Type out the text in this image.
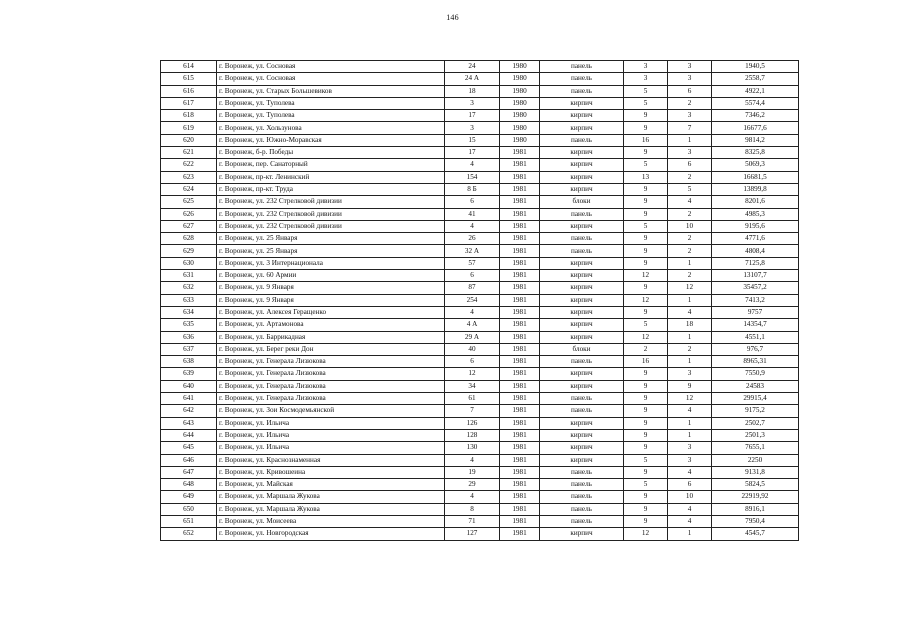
146
614	г. Воронеж, ул. Сосновая	24	1980	панель	3	3	1940,5
615	г. Воронеж, ул. Сосновая	24 А	1980	панель	3	3	2558,7
616	г. Воронеж, ул. Старых Большевиков	18	1980	панель	5	6	4922,1
617	г. Воронеж, ул. Туполева	3	1980	кирпич	5	2	5574,4
618	г. Воронеж, ул. Туполева	17	1980	кирпич	9	3	7346,2
619	г. Воронеж, ул. Хользунова	3	1980	кирпич	9	7	16677,6
620	г. Воронеж, ул. Южно-Моравская	15	1980	панель	16	1	9814,2
621	г. Воронеж, б-р. Победы	17	1981	кирпич	9	3	8325,8
622	г. Воронеж, пер. Санаторный	4	1981	кирпич	5	6	5069,3
623	г. Воронеж, пр-кт. Ленинский	154	1981	кирпич	13	2	16681,5
624	г. Воронеж, пр-кт. Труда	8 Б	1981	кирпич	9	5	13899,8
625	г. Воронеж, ул. 232 Стрелковой дивизии	6	1981	блоки	9	4	8201,6
626	г. Воронеж, ул. 232 Стрелковой дивизии	41	1981	панель	9	2	4985,3
627	г. Воронеж, ул. 232 Стрелковой дивизии	4	1981	кирпич	5	10	9195,6
628	г. Воронеж, ул. 25 Января	26	1981	панель	9	2	4771,6
629	г. Воронеж, ул. 25 Января	32 А	1981	панель	9	2	4808,4
630	г. Воронеж, ул. 3 Интернационала	57	1981	кирпич	9	1	7125,8
631	г. Воронеж, ул. 60 Армии	6	1981	кирпич	12	2	13107,7
632	г. Воронеж, ул. 9 Января	87	1981	кирпич	9	12	35457,2
633	г. Воронеж, ул. 9 Января	254	1981	кирпич	12	1	7413,2
634	г. Воронеж, ул. Алексея Геращенко	4	1981	кирпич	9	4	9757
635	г. Воронеж, ул. Артамонова	4 А	1981	кирпич	5	18	14354,7
636	г. Воронеж, ул. Баррикадная	29 А	1981	кирпич	12	1	4551,1
637	г. Воронеж, ул. Берег реки Дон	40	1981	блоки	2	2	976,7
638	г. Воронеж, ул. Генерала Лизюкова	6	1981	панель	16	1	8965,31
639	г. Воронеж, ул. Генерала Лизюкова	12	1981	кирпич	9	3	7550,9
640	г. Воронеж, ул. Генерала Лизюкова	34	1981	кирпич	9	9	24583
641	г. Воронеж, ул. Генерала Лизюкова	61	1981	панель	9	12	29915,4
642	г. Воронеж, ул. Зои Космодемьянской	7	1981	панель	9	4	9175,2
643	г. Воронеж, ул. Ильича	126	1981	кирпич	9	1	2502,7
644	г. Воронеж, ул. Ильича	128	1981	кирпич	9	1	2501,3
645	г. Воронеж, ул. Ильича	130	1981	кирпич	9	3	7655,1
646	г. Воронеж, ул. Краснознаменная	4	1981	кирпич	5	3	2250
647	г. Воронеж, ул. Кривошеина	19	1981	панель	9	4	9131,8
648	г. Воронеж, ул. Майская	29	1981	панель	5	6	5824,5
649	г. Воронеж, ул. Маршала Жукова	4	1981	панель	9	10	22919,92
650	г. Воронеж, ул. Маршала Жукова	8	1981	панель	9	4	8916,1
651	г. Воронеж, ул. Моисеева	71	1981	панель	9	4	7950,4
652	г. Воронеж, ул. Новгородская	127	1981	кирпич	12	1	4545,7
